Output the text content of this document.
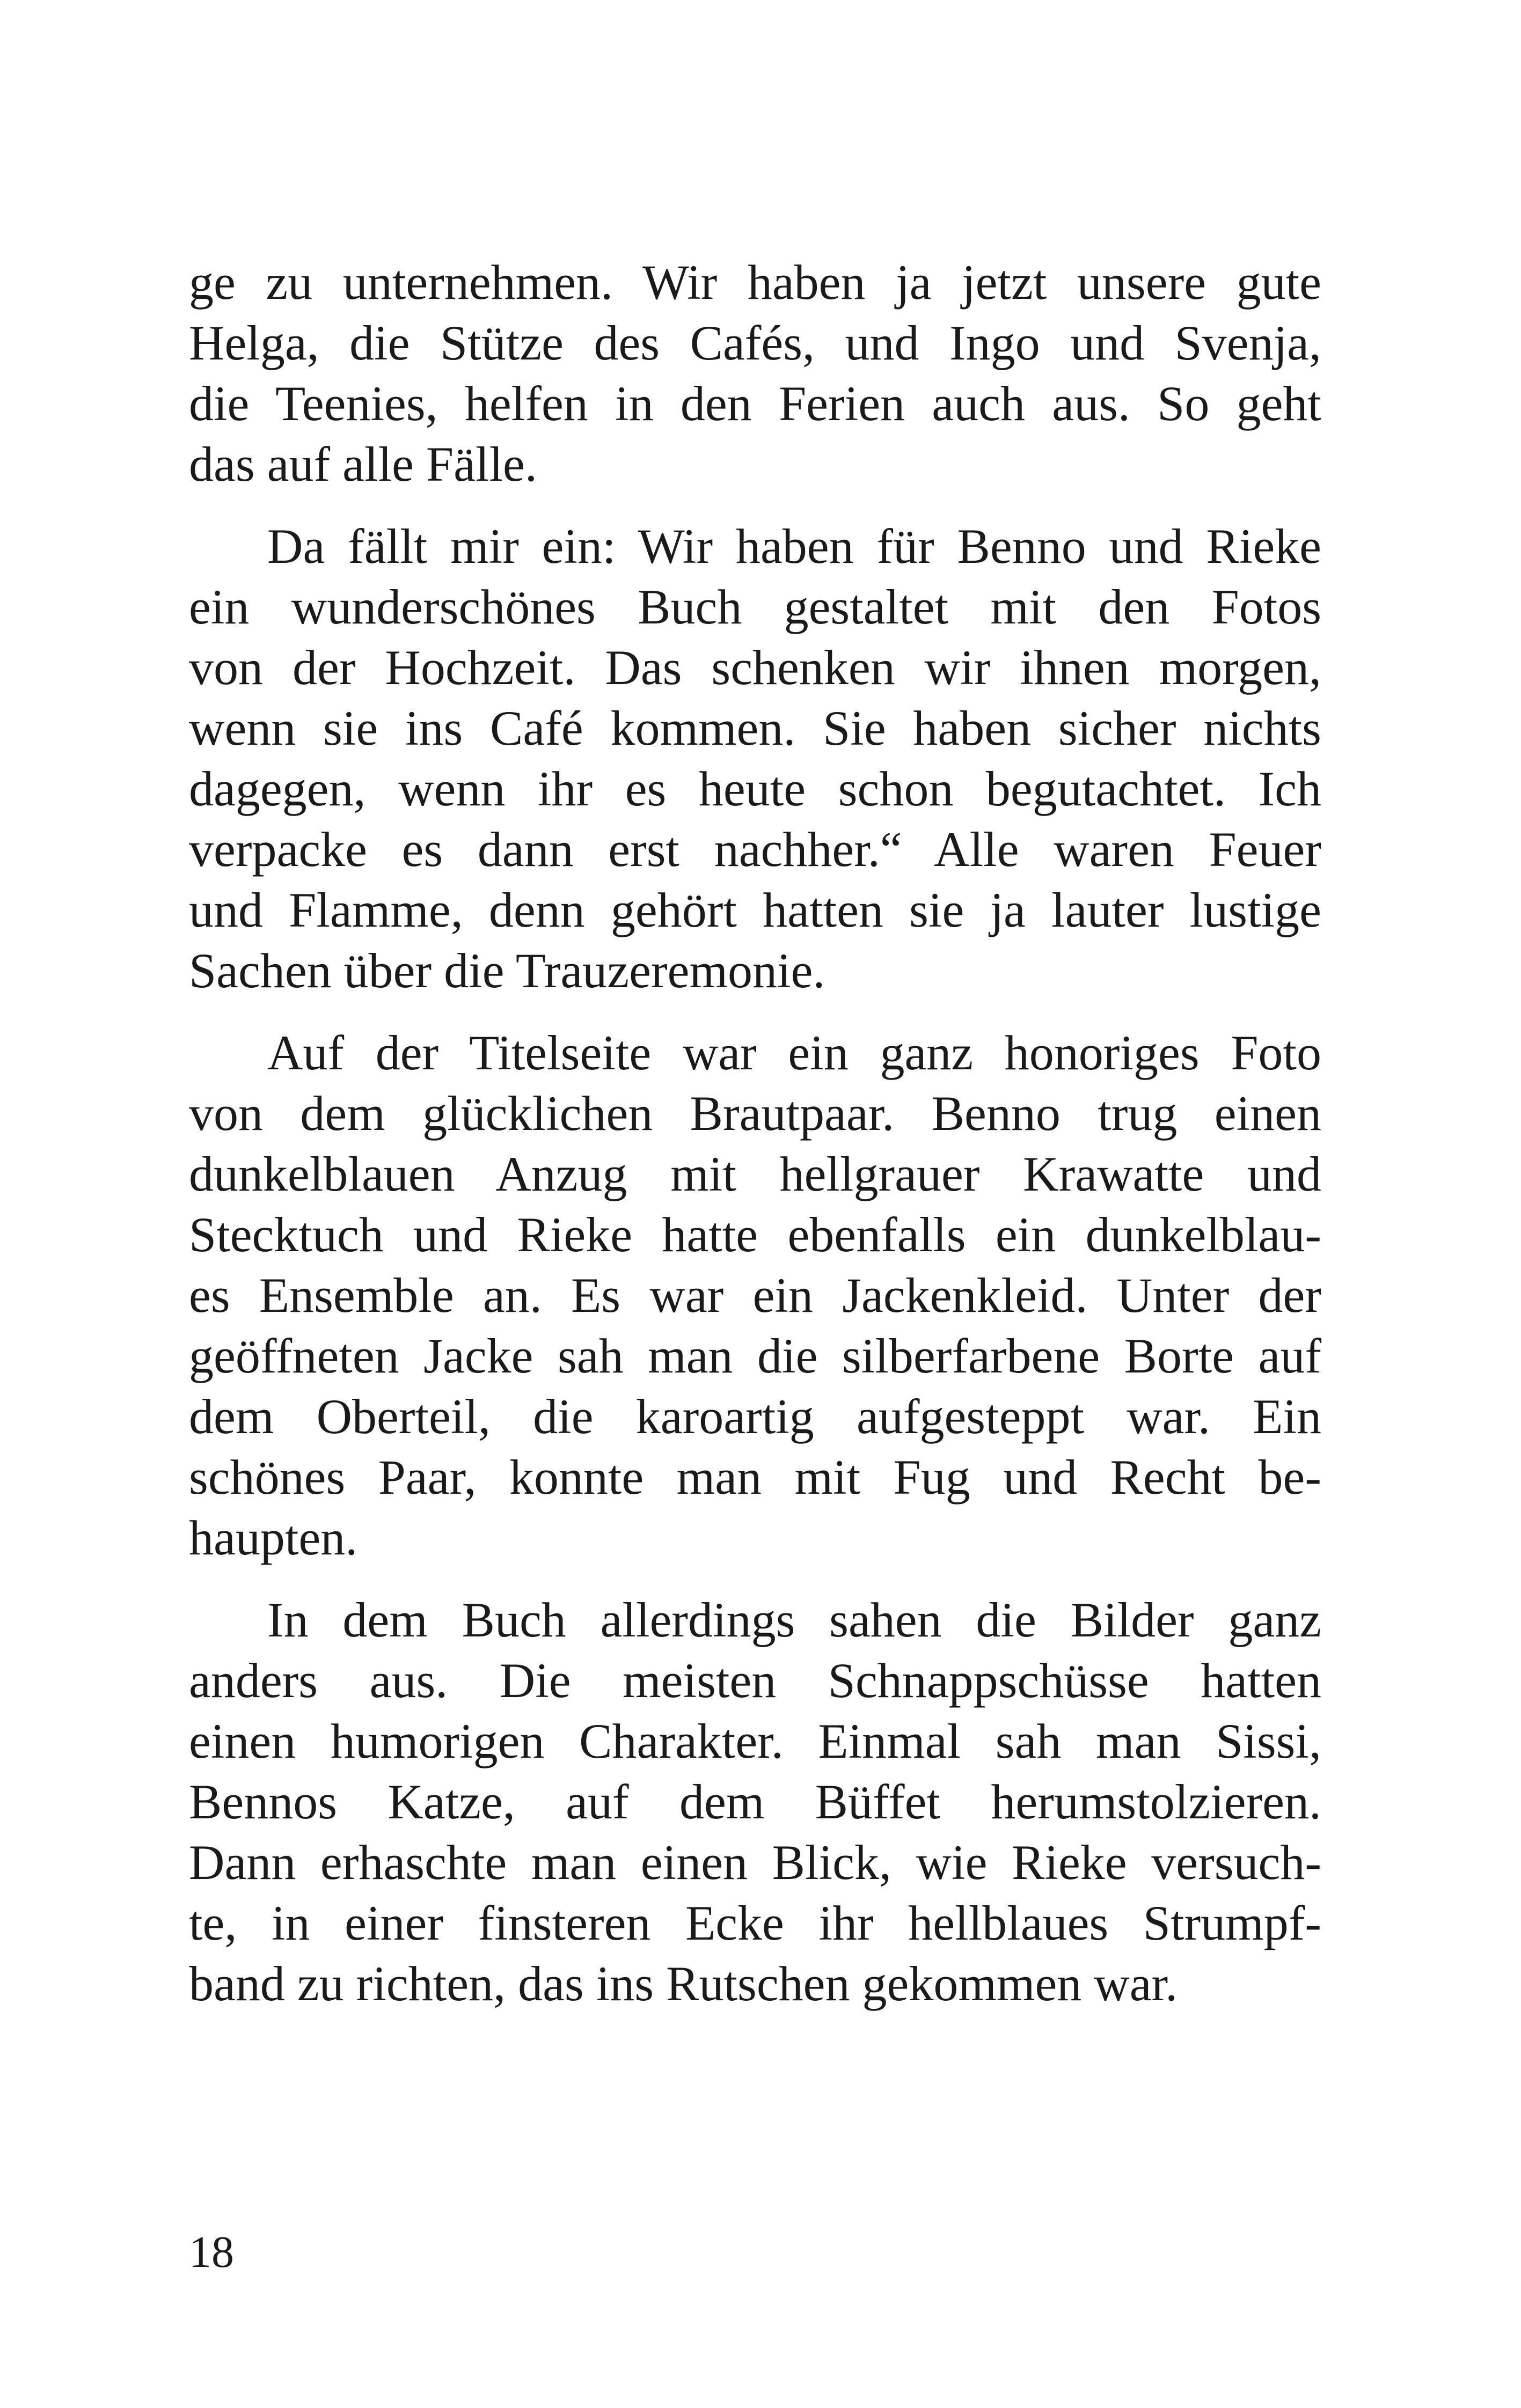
ge zu unternehmen. Wir haben ja jetzt unsere gute
Helga, die Stütze des Cafés, und Ingo und Svenja,
die Teenies, helfen in den Ferien auch aus. So geht
das auf alle Fälle.
Da fällt mir ein: Wir haben für Benno und Rieke
ein wunderschönes Buch gestaltet mit den Fotos
von der Hochzeit. Das schenken wir ihnen morgen,
wenn sie ins Café kommen. Sie haben sicher nichts
dagegen, wenn ihr es heute schon begutachtet. Ich
verpacke es dann erst nachher.“ Alle waren Feuer
und Flamme, denn gehört hatten sie ja lauter lustige
Sachen über die Trauzeremonie.
Auf der Titelseite war ein ganz honoriges Foto
von dem glücklichen Brautpaar. Benno trug einen
dunkelblauen Anzug mit hellgrauer Krawatte und
Stecktuch und Rieke hatte ebenfalls ein dunkelblau-
es Ensemble an. Es war ein Jackenkleid. Unter der
geöffneten Jacke sah man die silberfarbene Borte auf
dem Oberteil, die karoartig aufgesteppt war. Ein
schönes Paar, konnte man mit Fug und Recht be-
haupten.
In dem Buch allerdings sahen die Bilder ganz
anders aus. Die meisten Schnappschüsse hatten
einen humorigen Charakter. Einmal sah man Sissi,
Bennos Katze, auf dem Büffet herumstolzieren.
Dann erhaschte man einen Blick, wie Rieke versuch-
te, in einer finsteren Ecke ihr hellblaues Strumpf-
band zu richten, das ins Rutschen gekommen war.
18
